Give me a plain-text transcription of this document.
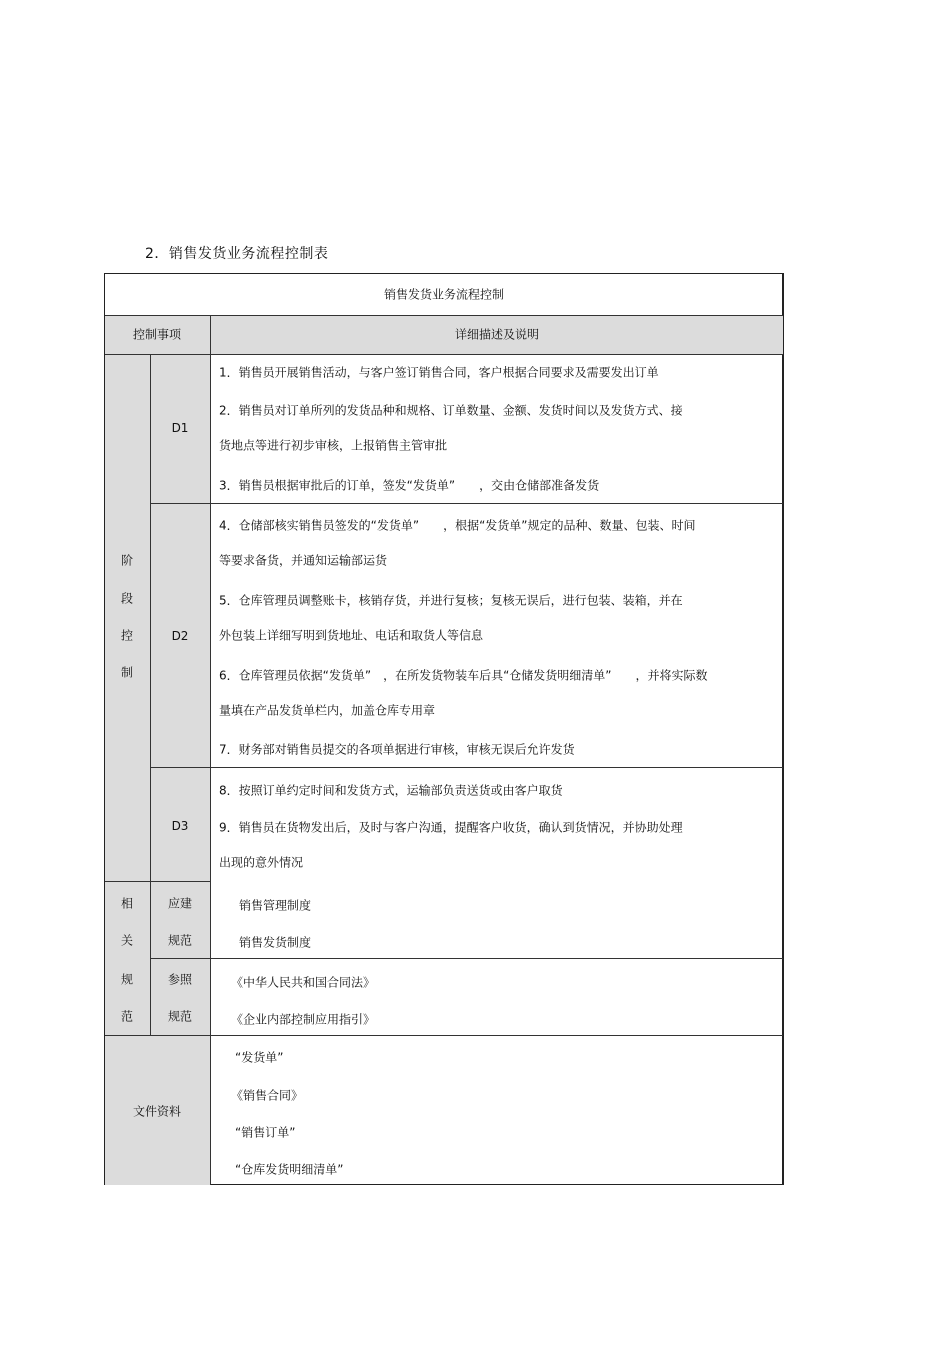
2．销售发货业务流程控制表
销售发货业务流程控制
控制事项	详细描述及说明
阶
段
控
制
D1
D2
D3
1．销售员开展销售活动，与客户签订销售合同，客户根据合同要求及需要发出订单
2．销售员对订单所列的发货品种和规格、订单数量、金额、发货时间以及发货方式、接
货地点等进行初步审核，上报销售主管审批
3．销售员根据审批后的订单，签发“发货单”　　，交由仓储部准备发货
4．仓储部核实销售员签发的“发货单”　　，根据“发货单”规定的品种、数量、包装、时间
等要求备货，并通知运输部运货
5．仓库管理员调整账卡，核销存货，并进行复核；复核无误后，进行包装、装箱，并在
外包装上详细写明到货地址、电话和取货人等信息
6．仓库管理员依据“发货单”　，在所发货物装车后具“仓储发货明细清单”　　，并将实际数
量填在产品发货单栏内，加盖仓库专用章
7．财务部对销售员提交的各项单据进行审核，审核无误后允许发货
8．按照订单约定时间和发货方式，运输部负责送货或由客户取货
9．销售员在货物发出后，及时与客户沟通，提醒客户收货，确认到货情况，并协助处理
出现的意外情况
相
关
规
范
应建
规范
销售管理制度
销售发货制度
参照
规范
《中华人民共和国合同法》
《企业内部控制应用指引》
文件资料
“发货单”
《销售合同》
“销售订单”
“仓库发货明细清单”
